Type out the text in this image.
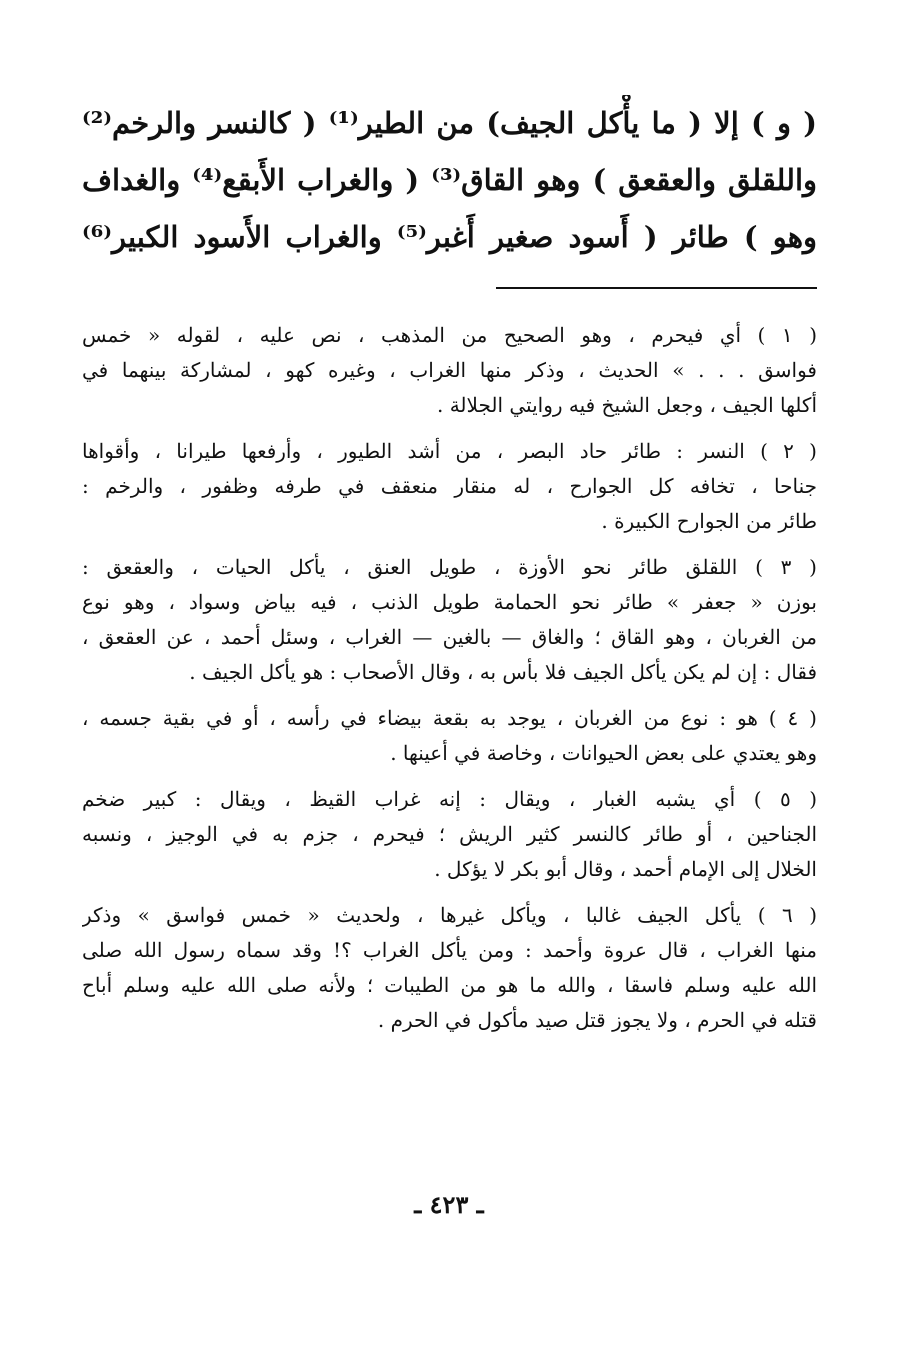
( و ) إلا ( ما يأْكل الجيف) من الطير⁽¹⁾ ( كالنسر والرخم⁽²⁾
واللقلق والعقعق ) وهو القاق⁽³⁾ ( والغراب الأَبقع⁽⁴⁾ والغداف
وهو ) طائر ( أَسود صغير أَغبر⁽⁵⁾ والغراب الأَسود الكبير⁽⁶⁾
( ١ ) أي فيحرم ، وهو الصحيح من المذهب ، نص عليه ، لقوله « خمس
فواسق . . . » الحديث ، وذكر منها الغراب ، وغيره كهو ، لمشاركة بينهما في
أكلها الجيف ، وجعل الشيخ فيه روايتي الجلالة .
( ٢ ) النسر : طائر حاد البصر ، من أشد الطيور ، وأرفعها طيرانا ، وأقواها
جناحا ، تخافه كل الجوارح ، له منقار منعقف في طرفه وظفور ، والرخم :
طائر من الجوارح الكبيرة .
( ٣ ) اللقلق طائر نحو الأوزة ، طويل العنق ، يأكل الحيات ، والعقعق :
بوزن « جعفر » طائر نحو الحمامة طويل الذنب ، فيه بياض وسواد ، وهو نوع
من الغربان ، وهو القاق ؛ والغاق — بالغين — الغراب ، وسئل أحمد ، عن العقعق ،
فقال : إن لم يكن يأكل الجيف فلا بأس به ، وقال الأصحاب : هو يأكل الجيف .
( ٤ ) هو : نوع من الغربان ، يوجد به بقعة بيضاء في رأسه ، أو في بقية جسمه ،
وهو يعتدي على بعض الحيوانات ، وخاصة في أعينها .
( ٥ ) أي يشبه الغبار ، ويقال : إنه غراب القيظ ، ويقال : كبير ضخم
الجناحين ، أو طائر كالنسر كثير الريش ؛ فيحرم ، جزم به في الوجيز ، ونسبه
الخلال إلى الإمام أحمد ، وقال أبو بكر لا يؤكل .
( ٦ ) يأكل الجيف غالبا ، ويأكل غيرها ، ولحديث « خمس فواسق » وذكر
منها الغراب ، قال عروة وأحمد : ومن يأكل الغراب ؟! وقد سماه رسول الله صلى
الله عليه وسلم فاسقا ، والله ما هو من الطيبات ؛ ولأنه صلى الله عليه وسلم أباح
قتله في الحرم ، ولا يجوز قتل صيد مأكول في الحرم .
ـ ٤٢٣ ـ
